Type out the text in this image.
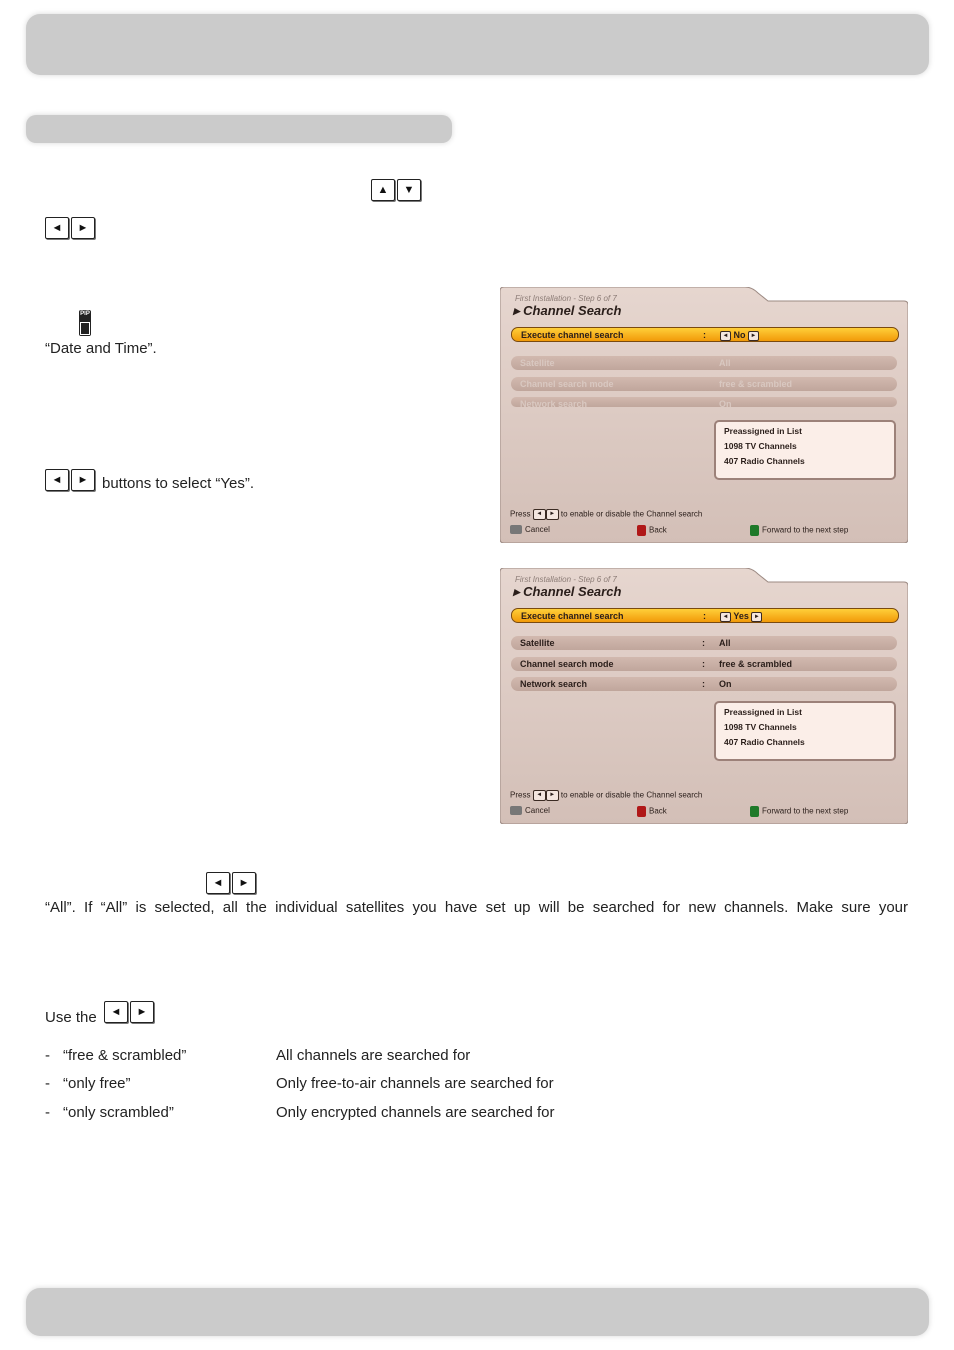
▲	▼
◄	►
PIP
“Date and Time”.
◄	► buttons to select “Yes”.
First Installation - Step 6 of 7
▸ Channel Search
Execute channel search	:	◄ No ►
Satellite	All
Channel search mode	free & scrambled
Network search	On
Preassigned in List
1098 TV Channels
407 Radio Channels
Press ◄ ► to enable or disable the Channel search
Cancel	Back	Forward to the next step
First Installation - Step 6 of 7
▸ Channel Search
Execute channel search	:	◄ Yes ►
Satellite	: All
Channel search mode	: free & scrambled
Network search	: On
Preassigned in List
1098 TV Channels
407 Radio Channels
Press ◄ ► to enable or disable the Channel search
Cancel	Back	Forward to the next step
◄	►
“All”. If “All” is selected, all the individual satellites you have set up will be searched for new channels. Make sure your
Use the	◄	►
- “free & scrambled”	All channels are searched for
- “only free”	Only free-to-air channels are searched for
- “only scrambled”	Only encrypted channels are searched for
